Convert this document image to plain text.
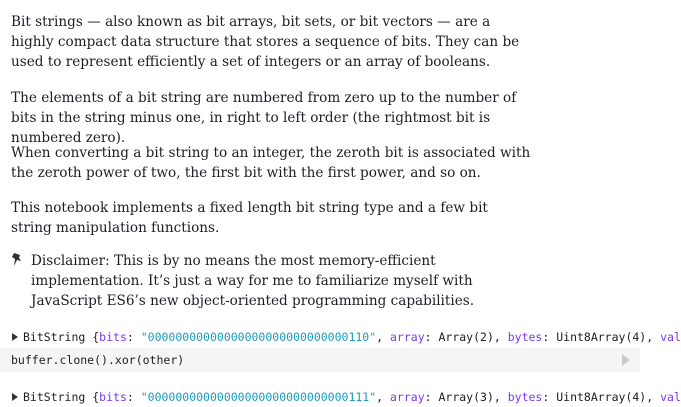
Bit strings — also known as bit arrays, bit sets, or bit vectors — are a highly compact data structure that stores a sequence of bits. They can be used to represent efficiently a set of integers or an array of booleans.

The elements of a bit string are numbered from zero up to the number of bits in the string minus one, in right to left order (the rightmost bit is numbered zero).

When converting a bit string to an integer, the zeroth bit is associated with the zeroth power of two, the first bit with the first power, and so on.

This notebook implements a fixed length bit string type and a few bit string manipulation functions.

Disclaimer: This is by no means the most memory-efficient implementation. It’s just a way for me to familiarize myself with JavaScript ES6’s new object-oriented programming capabilities.

BitString {bits: "00000000000000000000000000000110", array: Array(2), bytes: Uint8Array(4), val
buffer.clone().xor(other)
BitString {bits: "00000000000000000000000000000111", array: Array(3), bytes: Uint8Array(4), val
